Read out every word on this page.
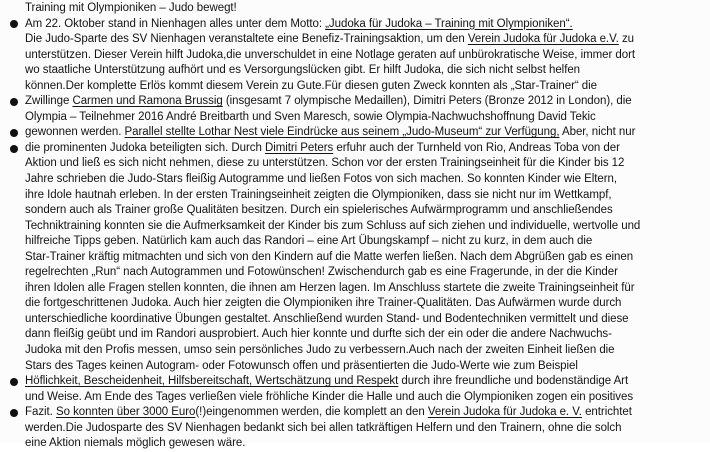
Training mit Olympioniken – Judo bewegt!
Am 22. Oktober stand in Nienhagen alles unter dem Motto: „Judoka für Judoka – Training mit Olympioniken“.
Die Judo-Sparte des SV Nienhagen veranstaltete eine Benefiz-Trainingsaktion, um den Verein Judoka für Judoka e.V. zu
unterstützen. Dieser Verein hilft Judoka,die unverschuldet in eine Notlage geraten auf unbürokratische Weise, immer dort
wo staatliche Unterstützung aufhört und es Versorgungslücken gibt. Er hilft Judoka, die sich nicht selbst helfen
können.Der komplette Erlös kommt diesem Verein zu Gute.Für diesen guten Zweck konnten als „Star-Trainer“ die
Zwillinge Carmen und Ramona Brussig (insgesamt 7 olympische Medaillen), Dimitri Peters (Bronze 2012 in London), die
Olympia – Teilnehmer 2016 André Breitbarth und Sven Maresch, sowie Olympia-Nachwuchshoffnung David Tekic
gewonnen werden. Parallel stellte Lothar Nest viele Eindrücke aus seinem „Judo-Museum“ zur Verfügung, Aber, nicht nur
die prominenten Judoka beteiligten sich. Durch Dimitri Peters erfuhr auch der Turnheld von Rio, Andreas Toba von der
Aktion und ließ es sich nicht nehmen, diese zu unterstützen. Schon vor der ersten Trainingseinheit für die Kinder bis 12
Jahre schrieben die Judo-Stars fleißig Autogramme und ließen Fotos von sich machen. So konnten Kinder wie Eltern,
ihre Idole hautnah erleben. In der ersten Trainingseinheit zeigten die Olympioniken, dass sie nicht nur im Wettkampf,
sondern auch als Trainer große Qualitäten besitzen. Durch ein spielerisches Aufwärmprogramm und anschließendes
Techniktraining konnten sie die Aufmerksamkeit der Kinder bis zum Schluss auf sich ziehen und individuelle, wertvolle und
hilfreiche Tipps geben. Natürlich kam auch das Randori – eine Art Übungskampf – nicht zu kurz, in dem auch die
Star-Trainer kräftig mitmachten und sich von den Kindern auf die Matte werfen ließen. Nach dem Abgrüßen gab es einen
regelrechten „Run“ nach Autogrammen und Fotowünschen! Zwischendurch gab es eine Fragerunde, in der die Kinder
ihren Idolen alle Fragen stellen konnten, die ihnen am Herzen lagen. Im Anschluss startete die zweite Trainingseinheit für
die fortgeschrittenen Judoka. Auch hier zeigten die Olympioniken ihre Trainer-Qualitäten. Das Aufwärmen wurde durch
unterschiedliche koordinative Übungen gestaltet. Anschließend wurden Stand- und Bodentechniken vermittelt und diese
dann fleißig geübt und im Randori ausprobiert. Auch hier konnte und durfte sich der ein oder die andere Nachwuchs-
Judoka mit den Profis messen, umso sein persönliches Judo zu verbessern.Auch nach der zweiten Einheit ließen die
Stars des Tages keinen Autogram- oder Fotowunsch offen und präsentierten die Judo-Werte wie zum Beispiel
Höflichkeit, Bescheidenheit, Hilfsbereitschaft, Wertschätzung und Respekt durch ihre freundliche und bodenständige Art
und Weise. Am Ende des Tages verließen viele fröhliche Kinder die Halle und auch die Olympioniken zogen ein positives
Fazit. So konnten über 3000 Euro(!)eingenommen werden, die komplett an den Verein Judoka für Judoka e. V. entrichtet
werden.Die Judosparte des SV Nienhagen bedankt sich bei allen tatkräftigen Helfern und den Trainern, ohne die solch
eine Aktion niemals möglich gewesen wäre.
